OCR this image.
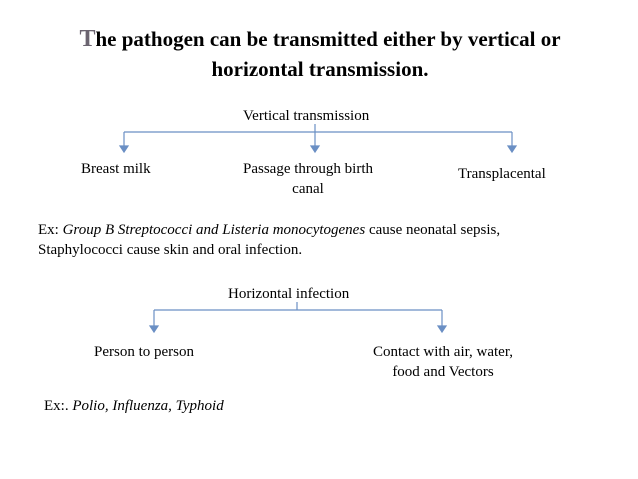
The pathogen can be transmitted either by vertical or
horizontal transmission.
Vertical transmission
Breast milk	Passage through birth
canal
Transplacental
Ex: Group B Streptococci and Listeria monocytogenes cause neonatal sepsis,
Staphylococci cause skin and oral infection.
Horizontal infection
Person to person	Contact with air, water,
food and Vectors
Ex:. Polio, Influenza, Typhoid
